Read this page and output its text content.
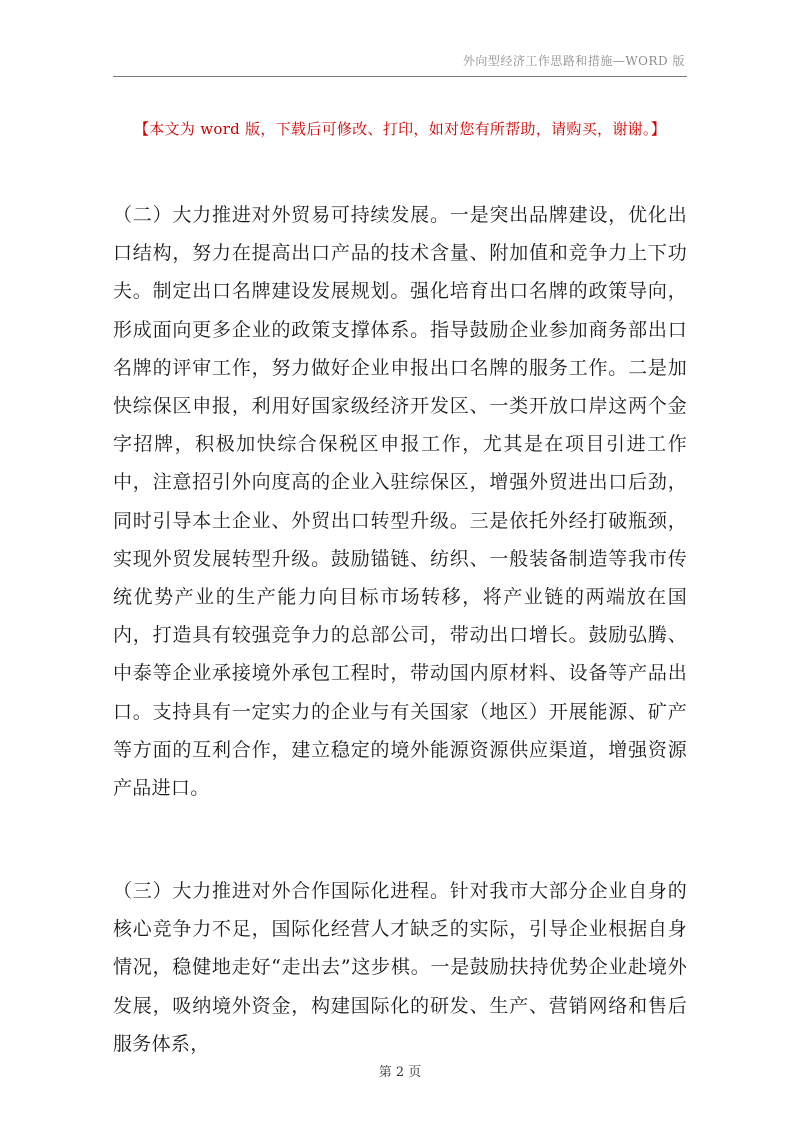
外向型经济工作思路和措施—WORD 版
【本文为 word 版，下载后可修改、打印，如对您有所帮助，请购买，谢谢。】

（二）大力推进对外贸易可持续发展。一是突出品牌建设，优化出口结构，努力在提高出口产品的技术含量、附加值和竞争力上下功夫。制定出口名牌建设发展规划。强化培育出口名牌的政策导向，形成面向更多企业的政策支撑体系。指导鼓励企业参加商务部出口名牌的评审工作，努力做好企业申报出口名牌的服务工作。二是加快综保区申报，利用好国家级经济开发区、一类开放口岸这两个金字招牌，积极加快综合保税区申报工作，尤其是在项目引进工作中，注意招引外向度高的企业入驻综保区，增强外贸进出口后劲，同时引导本土企业、外贸出口转型升级。三是依托外经打破瓶颈，实现外贸发展转型升级。鼓励锚链、纺织、一般装备制造等我市传统优势产业的生产能力向目标市场转移，将产业链的两端放在国内，打造具有较强竞争力的总部公司，带动出口增长。鼓励弘腾、中泰等企业承接境外承包工程时，带动国内原材料、设备等产品出口。支持具有一定实力的企业与有关国家（地区）开展能源、矿产等方面的互利合作，建立稳定的境外能源资源供应渠道，增强资源产品进口。

（三）大力推进对外合作国际化进程。针对我市大部分企业自身的核心竞争力不足，国际化经营人才缺乏的实际，引导企业根据自身情况，稳健地走好“走出去”这步棋。一是鼓励扶持优势企业赴境外发展，吸纳境外资金，构建国际化的研发、生产、营销网络和售后服务体系，

第 2 页
